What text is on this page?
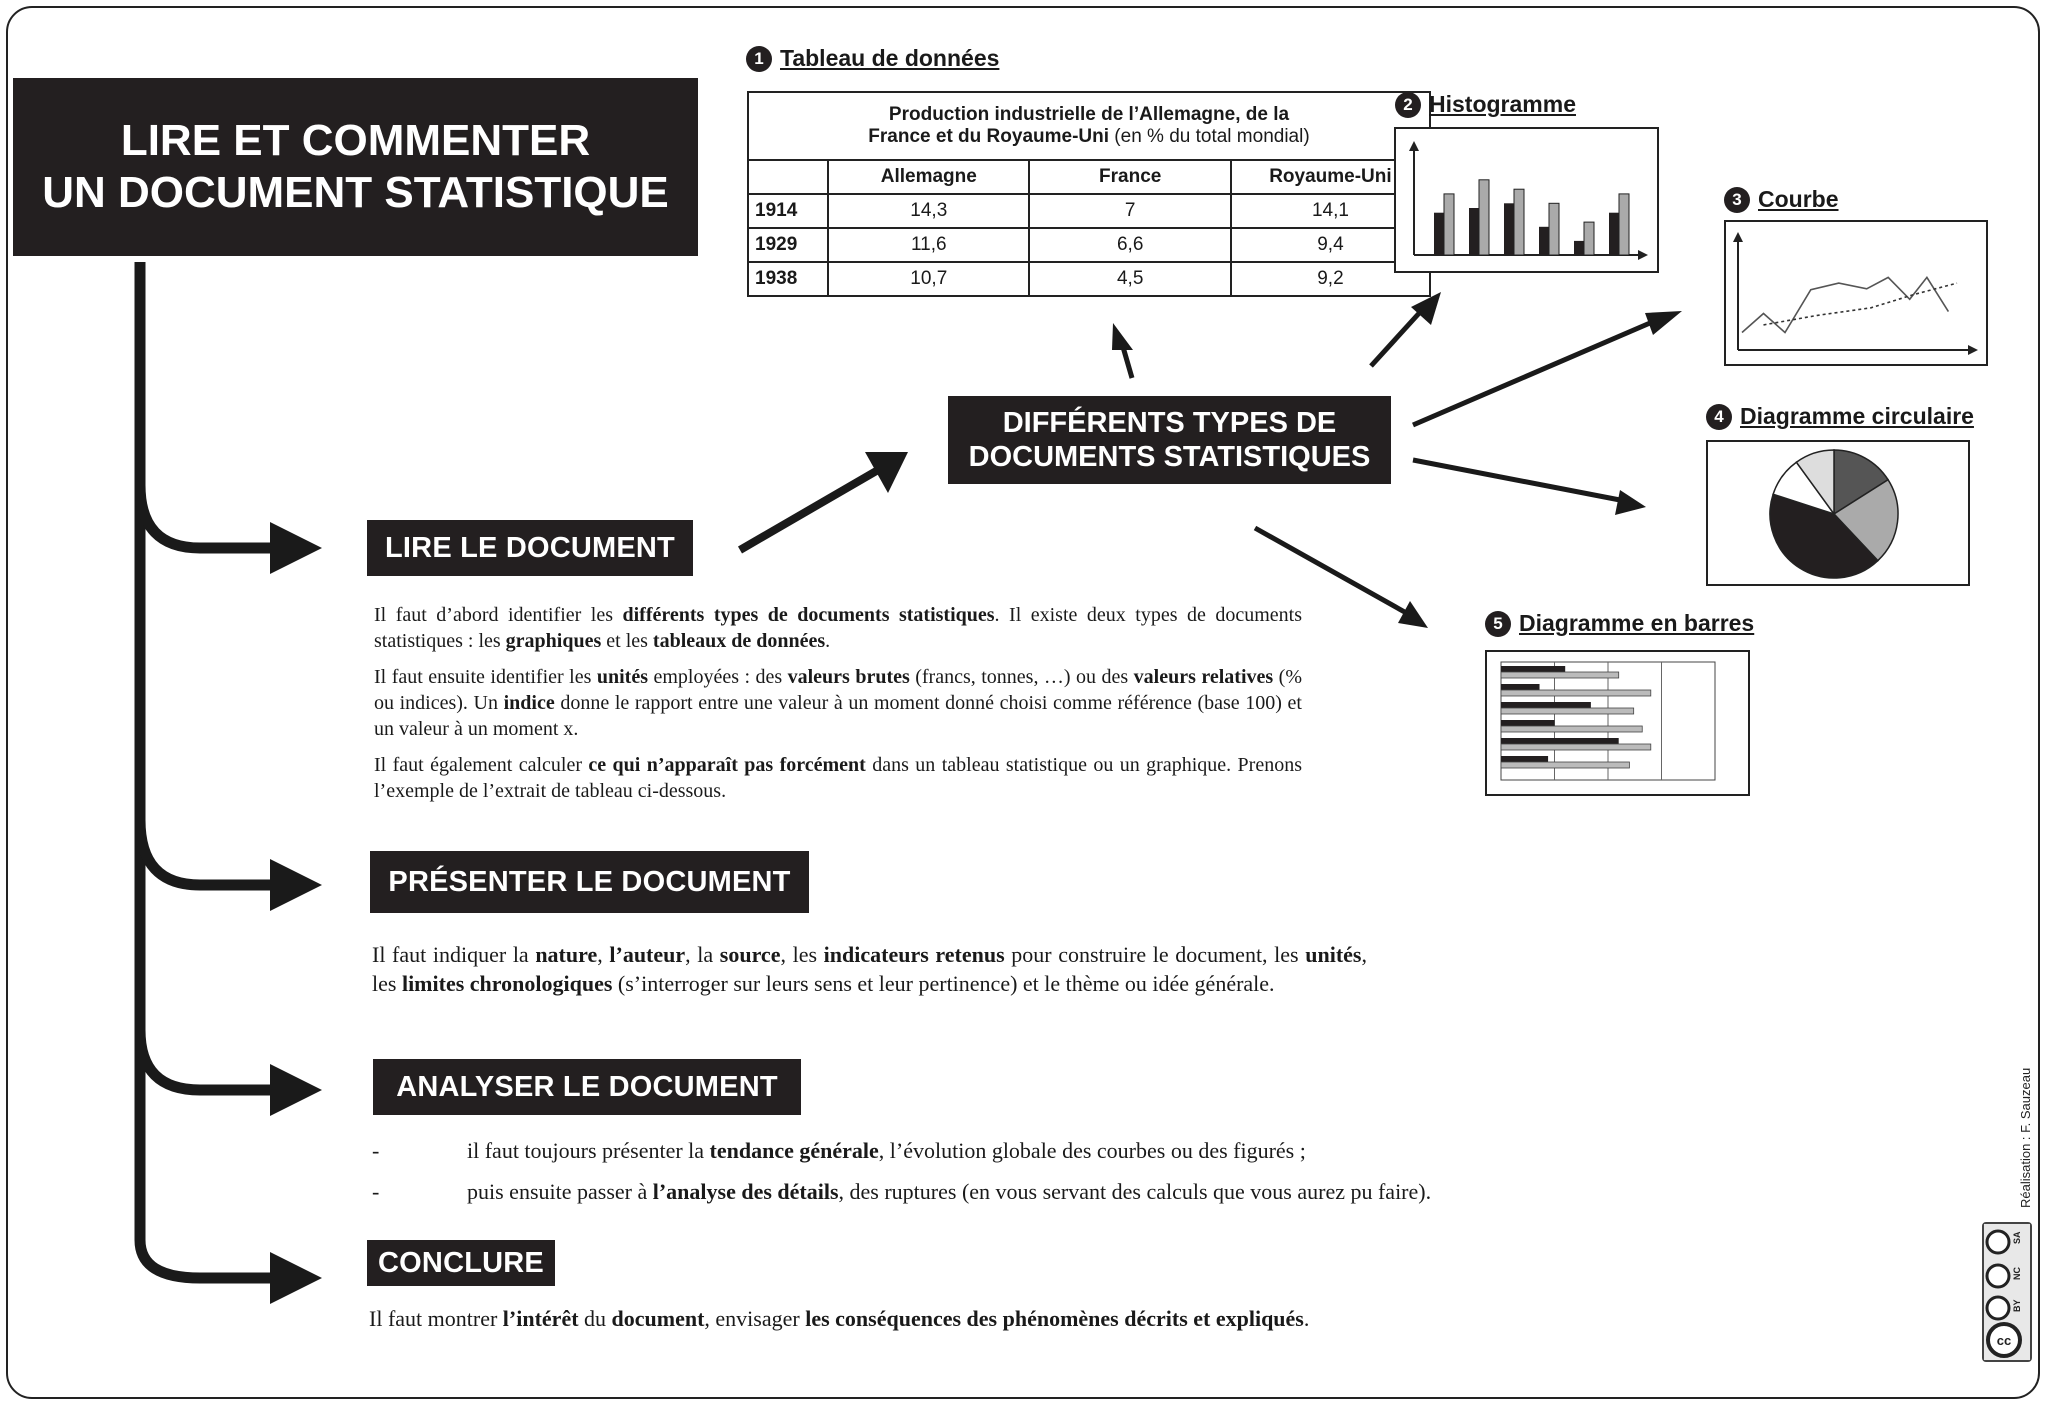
LIRE ET COMMENTER
UN DOCUMENT STATISTIQUE
LIRE LE DOCUMENT

Il faut d’abord identifier les différents types de documents statistiques. Il existe deux types de documents statistiques : les graphiques et les tableaux de données.

Il faut ensuite identifier les unités employées : des valeurs brutes (francs, tonnes, …) ou des valeurs relatives (% ou indices). Un indice donne le rapport entre une valeur à un moment donné choisi comme référence (base 100) et un valeur à un moment x.

Il faut également calculer ce qui n’apparaît pas forcément dans un tableau statistique ou un graphique. Prenons l’exemple de l’extrait de tableau ci-dessous.

PRÉSENTER LE DOCUMENT

Il faut indiquer la nature, l’auteur, la source, les indicateurs retenus pour construire le document, les unités, les limites chronologiques (s’interroger sur leurs sens et leur pertinence) et le thème ou idée générale.

ANALYSER LE DOCUMENT
-	il faut toujours présenter la tendance générale, l’évolution globale des courbes ou des figurés ;
-	puis ensuite passer à l’analyse des détails, des ruptures (en vous servant des calculs que vous aurez pu faire).
CONCLURE

Il faut montrer l’intérêt du document, envisager les conséquences des phénomènes décrits et expliqués.

DIFFÉRENTS TYPES DE
DOCUMENTS STATISTIQUES
1 Tableau de données
Production industrielle de l’Allemagne, de la
France et du Royaume-Uni (en % du total mondial)			

	Allemagne	France	Royaume-Uni
1914	14,3	7	14,1
1929	11,6	6,6	9,4
1938	10,7	4,5	9,2
2 Histogramme
3 Courbe
4 Diagramme circulaire
5 Diagramme en barres
Réalisation : F. Sauzeau
SA
NC
BY
cc
